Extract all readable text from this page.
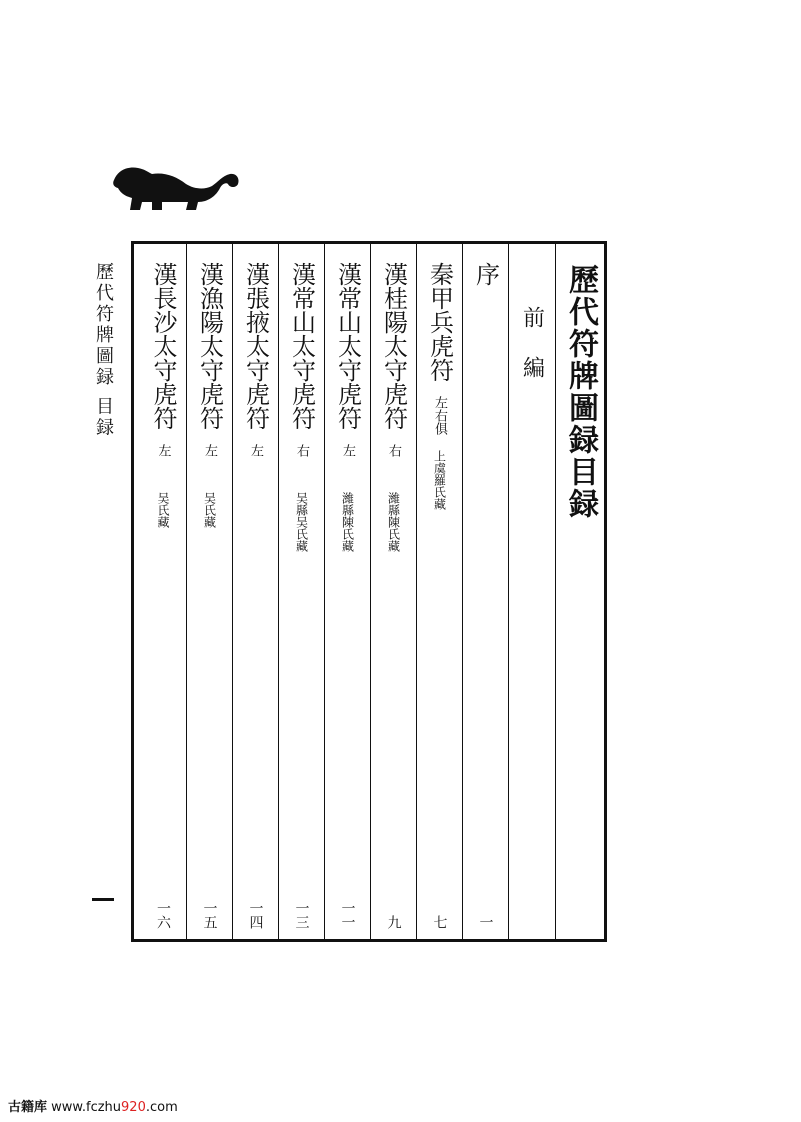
歷代符牌圖録 目録	歷代符牌圖録目録
前編
序
一
秦甲兵虎符
左右俱
上虞羅氏藏
七
漢桂陽太守虎符
右
濰縣陳氏藏
九
漢常山太守虎符
左
濰縣陳氏藏
一一
漢常山太守虎符
右
吴縣吴氏藏
一三
漢張掖太守虎符
左
一四
漢漁陽太守虎符
左
吴氏藏
一五
漢長沙太守虎符
左
吴氏藏
一六
古籍库 www.fczhu920.com
